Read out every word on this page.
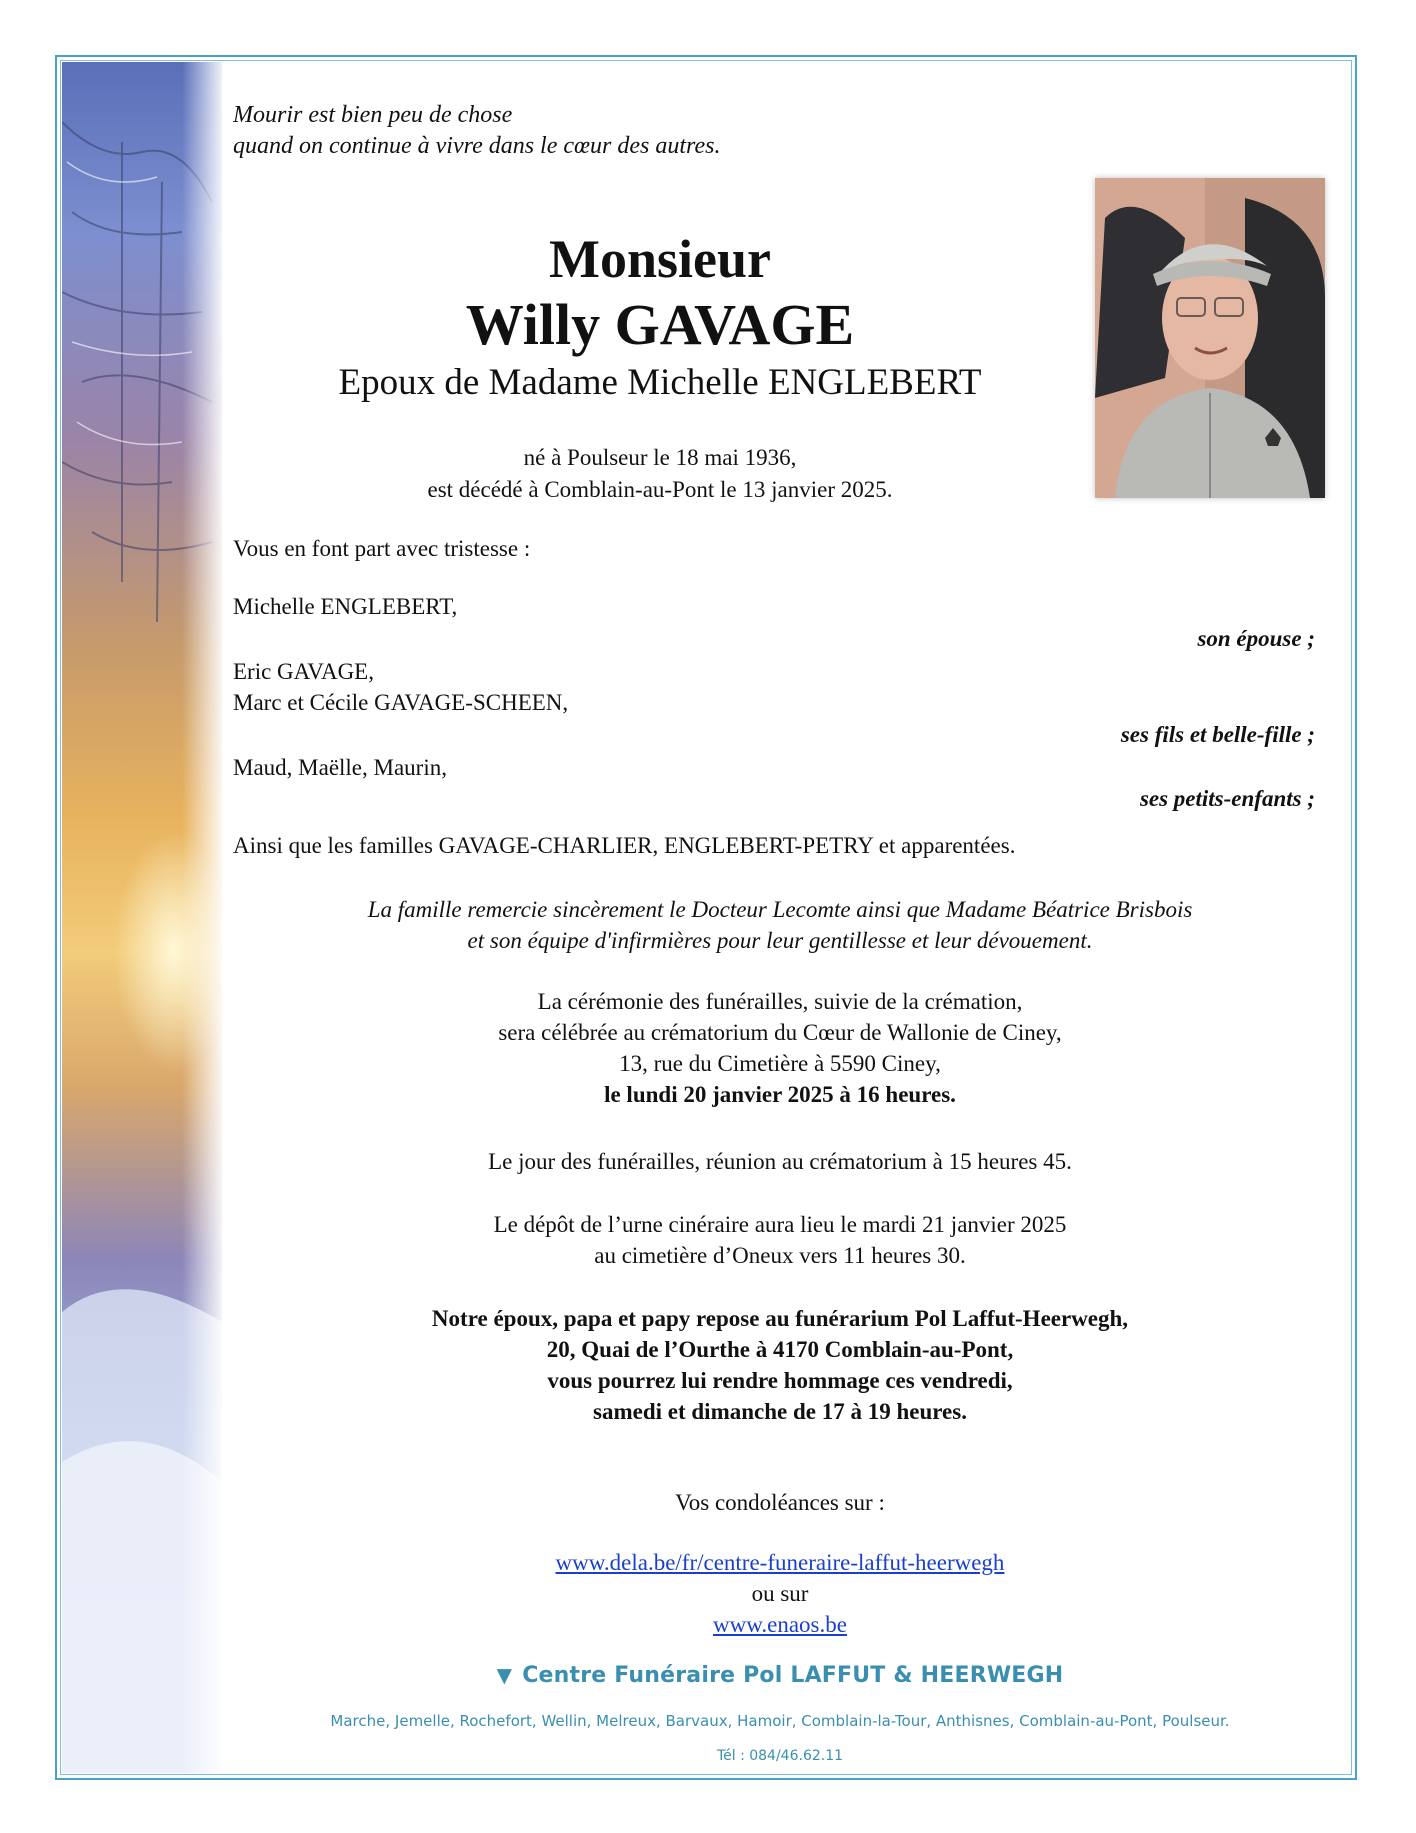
Mourir est bien peu de chose
quand on continue à vivre dans le cœur des autres.
Monsieur
Willy GAVAGE
Epoux de Madame Michelle ENGLEBERT
né à Poulseur le 18 mai 1936,
est décédé à Comblain-au-Pont le 13 janvier 2025.
Vous en font part avec tristesse :
Michelle ENGLEBERT,
son épouse ;
Eric GAVAGE,
Marc et Cécile GAVAGE-SCHEEN,
ses fils et belle-fille ;
Maud, Maëlle, Maurin,
ses petits-enfants ;
Ainsi que les familles GAVAGE-CHARLIER, ENGLEBERT-PETRY et apparentées.
La famille remercie sincèrement le Docteur Lecomte ainsi que Madame Béatrice Brisbois
et son équipe d'infirmières pour leur gentillesse et leur dévouement.
La cérémonie des funérailles, suivie de la crémation,
sera célébrée au crématorium du Cœur de Wallonie de Ciney,
13, rue du Cimetière à 5590 Ciney,
le lundi 20 janvier 2025 à 16 heures.
Le jour des funérailles, réunion au crématorium à 15 heures 45.
Le dépôt de l’urne cinéraire aura lieu le mardi 21 janvier 2025
au cimetière d’Oneux vers 11 heures 30.
Notre époux, papa et papy repose au funérarium Pol Laffut-Heerwegh,
20, Quai de l’Ourthe à 4170 Comblain-au-Pont,
vous pourrez lui rendre hommage ces vendredi,
samedi et dimanche de 17 à 19 heures.
Vos condoléances sur :
www.dela.be/fr/centre-funeraire-laffut-heerwegh
ou sur
www.enaos.be
▼ Centre Funéraire Pol LAFFUT & HEERWEGH
Marche, Jemelle, Rochefort, Wellin, Melreux, Barvaux, Hamoir, Comblain-la-Tour, Anthisnes, Comblain-au-Pont, Poulseur.
Tél : 084/46.62.11
